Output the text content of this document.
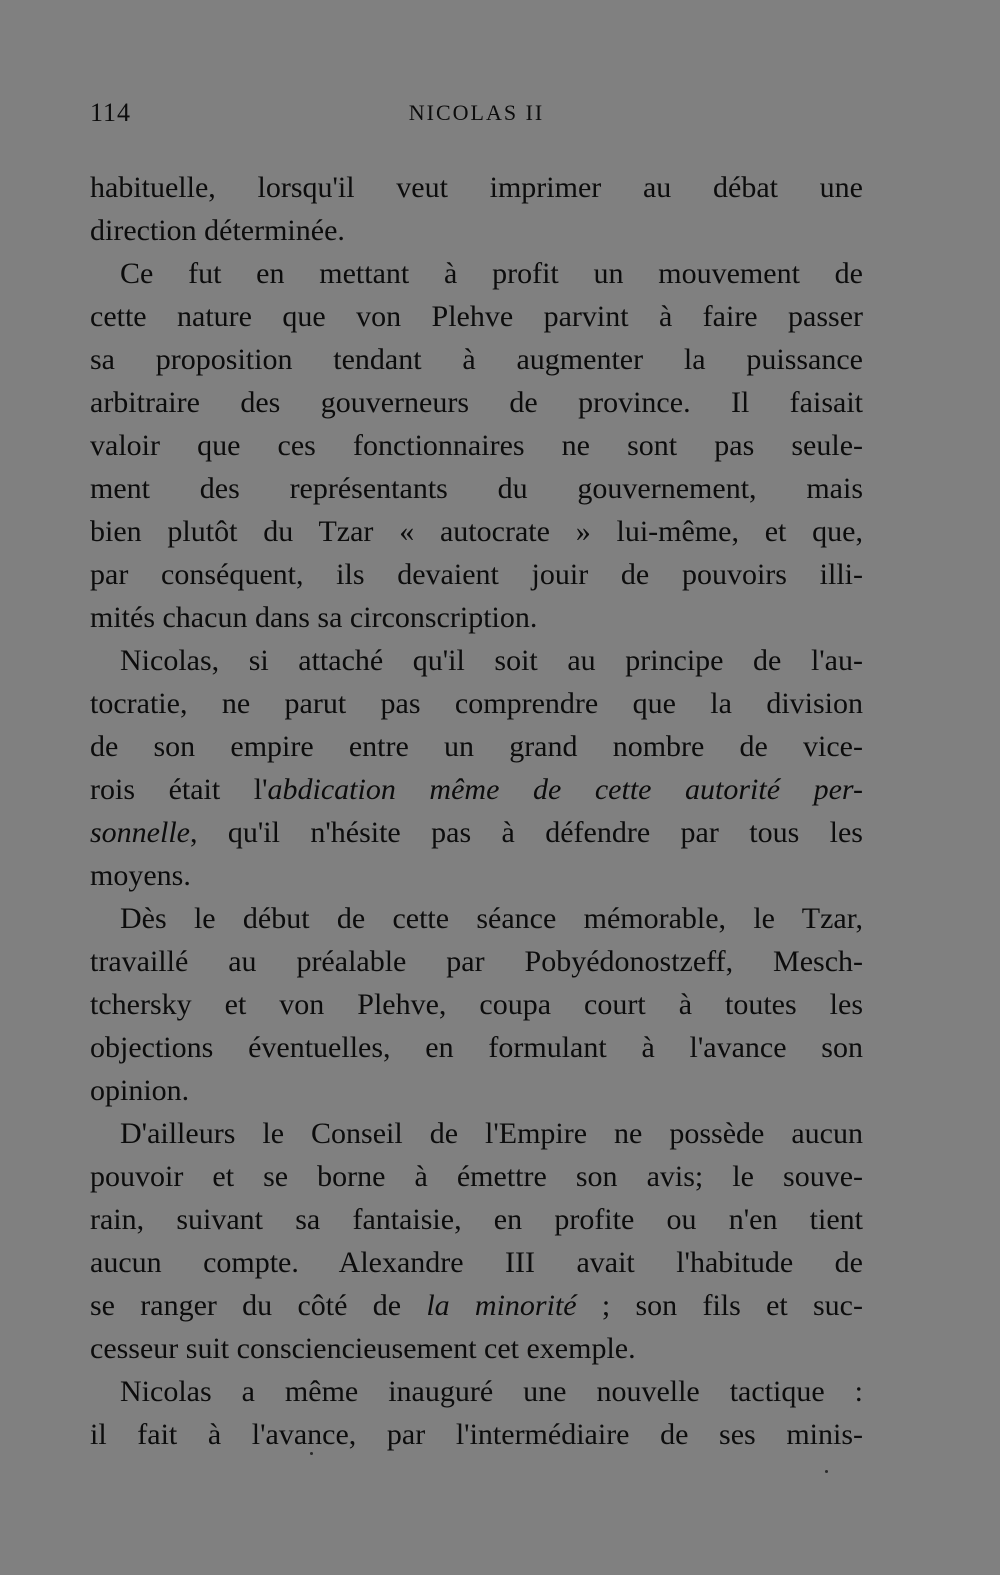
114	NICOLAS II
habituelle, lorsqu'il veut imprimer au débat une
direction déterminée.
Ce fut en mettant à profit un mouvement de
cette nature que von Plehve parvint à faire passer
sa proposition tendant à augmenter la puissance
arbitraire des gouverneurs de province. Il faisait
valoir que ces fonctionnaires ne sont pas seule-
ment des représentants du gouvernement, mais
bien plutôt du Tzar « autocrate » lui-même, et que,
par conséquent, ils devaient jouir de pouvoirs illi-
mités chacun dans sa circonscription.
Nicolas, si attaché qu'il soit au principe de l'au-
tocratie, ne parut pas comprendre que la division
de son empire entre un grand nombre de vice-
rois était l'abdication même de cette autorité per-
sonnelle, qu'il n'hésite pas à défendre par tous les
moyens.
Dès le début de cette séance mémorable, le Tzar,
travaillé au préalable par Pobyédonostzeff, Mesch-
tchersky et von Plehve, coupa court à toutes les
objections éventuelles, en formulant à l'avance son
opinion.
D'ailleurs le Conseil de l'Empire ne possède aucun
pouvoir et se borne à émettre son avis; le souve-
rain, suivant sa fantaisie, en profite ou n'en tient
aucun compte. Alexandre III avait l'habitude de
se ranger du côté de la minorité ; son fils et suc-
cesseur suit consciencieusement cet exemple.
Nicolas a même inauguré une nouvelle tactique :
il fait à l'avance, par l'intermédiaire de ses minis-
